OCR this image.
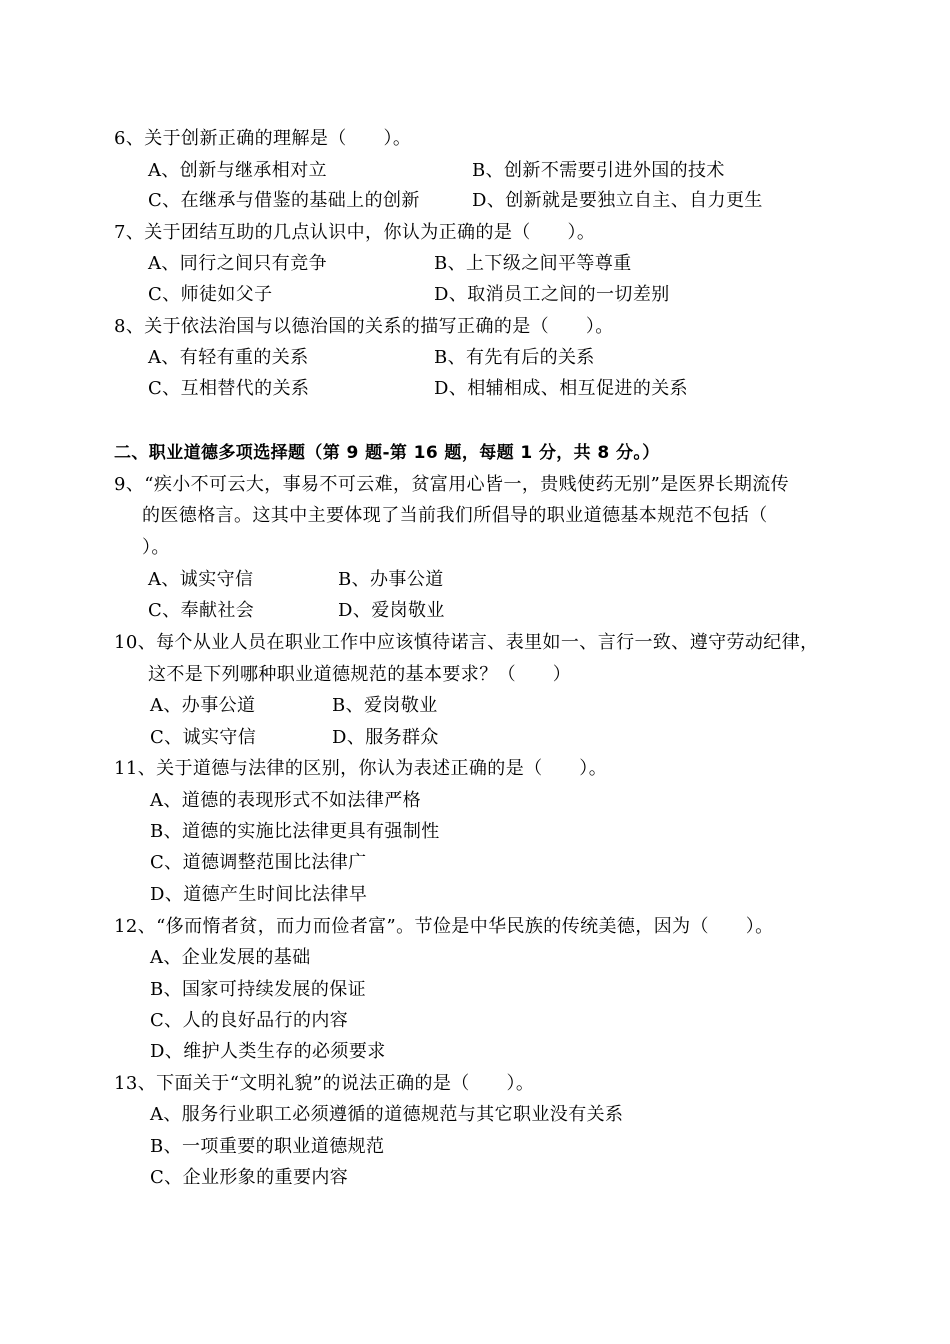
6、关于创新正确的理解是（　　）。
A、创新与继承相对立	B、创新不需要引进外国的技术
C、在继承与借鉴的基础上的创新	D、创新就是要独立自主、自力更生
7、关于团结互助的几点认识中，你认为正确的是（　　）。
A、同行之间只有竞争	B、上下级之间平等尊重
C、师徒如父子	D、取消员工之间的一切差别
8、关于依法治国与以德治国的关系的描写正确的是（　　）。
A、有轻有重的关系	B、有先有后的关系
C、互相替代的关系	D、相辅相成、相互促进的关系
二、职业道德多项选择题（第 9 题-第 16 题，每题 1 分，共 8 分。）
9、“疾小不可云大，事易不可云难，贫富用心皆一，贵贱使药无别”是医界长期流传
的医德格言。这其中主要体现了当前我们所倡导的职业道德基本规范不包括（
）。
A、诚实守信	B、办事公道
C、奉献社会	D、爱岗敬业
10、每个从业人员在职业工作中应该慎待诺言、表里如一、言行一致、遵守劳动纪律，
这不是下列哪种职业道德规范的基本要求？（　　）
A、办事公道	B、爱岗敬业
C、诚实守信	D、服务群众
11、关于道德与法律的区别，你认为表述正确的是（　　）。
A、道德的表现形式不如法律严格
B、道德的实施比法律更具有强制性
C、道德调整范围比法律广
D、道德产生时间比法律早
12、“侈而惰者贫，而力而俭者富”。节俭是中华民族的传统美德，因为（　　）。
A、企业发展的基础
B、国家可持续发展的保证
C、人的良好品行的内容
D、维护人类生存的必须要求
13、下面关于“文明礼貌”的说法正确的是（　　）。
A、服务行业职工必须遵循的道德规范与其它职业没有关系
B、一项重要的职业道德规范
C、企业形象的重要内容
